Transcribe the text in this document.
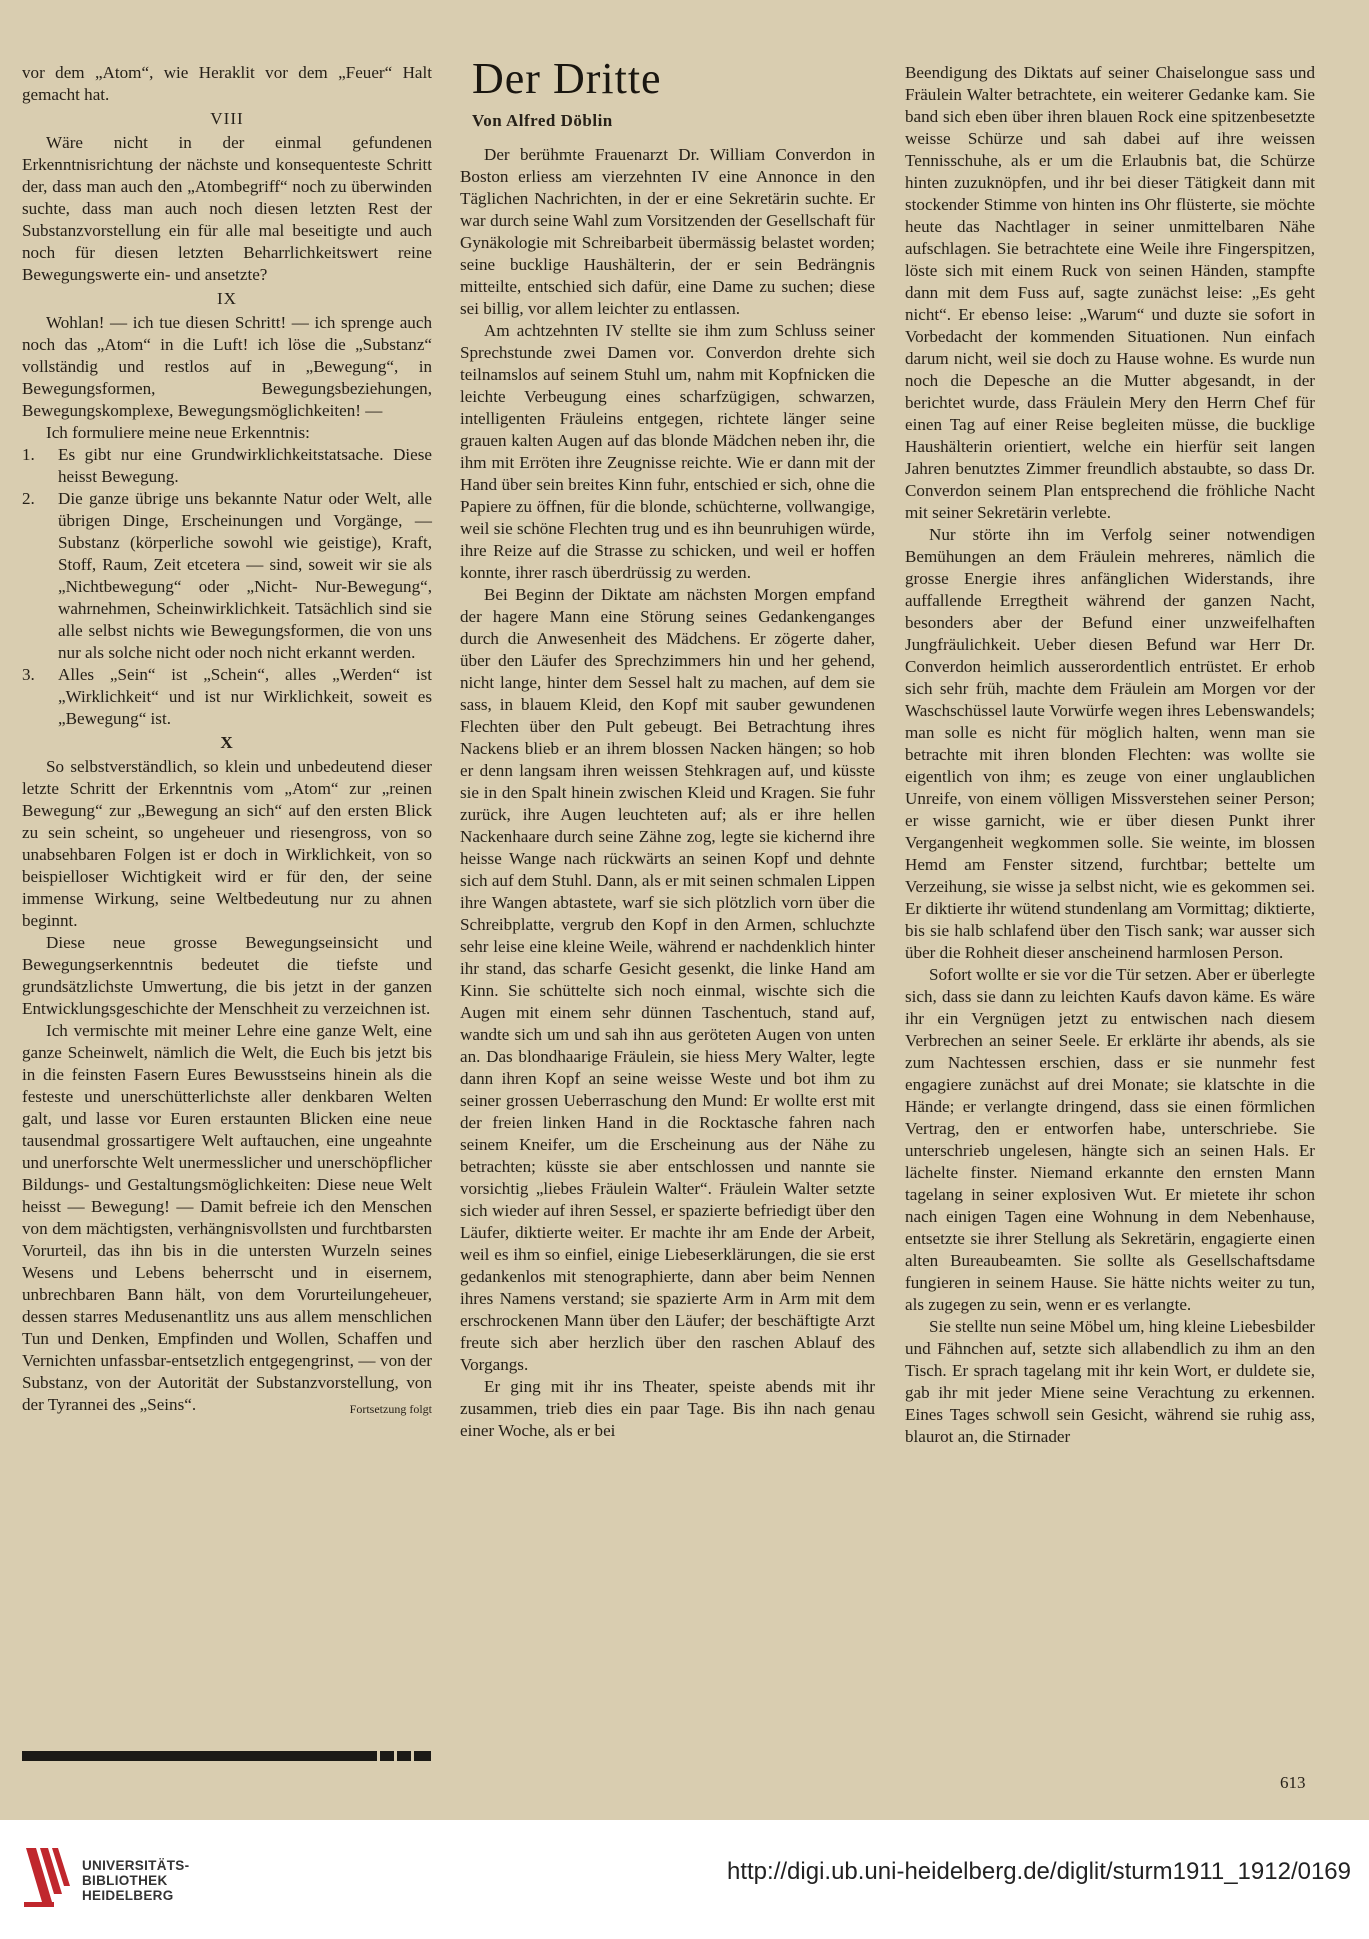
vor dem „Atom“, wie Heraklit vor dem „Feuer“ Halt gemacht hat.

VIII

Wäre nicht in der einmal gefundenen Erkenntnisrichtung der nächste und konsequenteste Schritt der, dass man auch den „Atombegriff“ noch zu überwinden suchte, dass man auch noch diesen letzten Rest der Substanzvorstellung ein für alle mal beseitigte und auch noch für diesen letzten Beharrlichkeitswert reine Bewegungswerte ein- und ansetzte?

IX

Wohlan! — ich tue diesen Schritt! — ich sprenge auch noch das „Atom“ in die Luft! ich löse die „Substanz“ vollständig und restlos auf in „Bewegung“, in Bewegungsformen, Bewegungsbeziehungen, Bewegungskomplexe, Bewegungsmöglichkeiten! —

Ich formuliere meine neue Erkenntnis:

1. Es gibt nur eine Grundwirklichkeitstatsache. Diese heisst Bewegung.
2. Die ganze übrige uns bekannte Natur oder Welt, alle übrigen Dinge, Erscheinungen und Vorgänge, — Substanz (körperliche sowohl wie geistige), Kraft, Stoff, Raum, Zeit etcetera — sind, soweit wir sie als „Nichtbewegung“ oder „Nicht- Nur-Bewegung“, wahrnehmen, Scheinwirklichkeit. Tatsächlich sind sie alle selbst nichts wie Bewegungsformen, die von uns nur als solche nicht oder noch nicht erkannt werden.
3. Alles „Sein“ ist „Schein“, alles „Werden“ ist „Wirklichkeit“ und ist nur Wirklichkeit, soweit es „Bewegung“ ist.

X

So selbstverständlich, so klein und unbedeutend dieser letzte Schritt der Erkenntnis vom „Atom“ zur „reinen Bewegung“ zur „Bewegung an sich“ auf den ersten Blick zu sein scheint, so ungeheuer und riesengross, von so unabsehbaren Folgen ist er doch in Wirklichkeit, von so beispielloser Wichtigkeit wird er für den, der seine immense Wirkung, seine Weltbedeutung nur zu ahnen beginnt.

Diese neue grosse Bewegungseinsicht und Bewegungserkenntnis bedeutet die tiefste und grundsätzlichste Umwertung, die bis jetzt in der ganzen Entwicklungsgeschichte der Menschheit zu verzeichnen ist.

Ich vermischte mit meiner Lehre eine ganze Welt, eine ganze Scheinwelt, nämlich die Welt, die Euch bis jetzt bis in die feinsten Fasern Eures Bewusstseins hinein als die festeste und unerschütterlichste aller denkbaren Welten galt, und lasse vor Euren erstaunten Blicken eine neue tausendmal grossartigere Welt auftauchen, eine ungeahnte und unerforschte Welt unermesslicher und unerschöpflicher Bildungs- und Gestaltungsmöglichkeiten: Diese neue Welt heisst — Bewegung! — Damit befreie ich den Menschen von dem mächtigsten, verhängnisvollsten und furchtbarsten Vorurteil, das ihn bis in die untersten Wurzeln seines Wesens und Lebens beherrscht und in eisernem, unbrechbaren Bann hält, von dem Vorurteilungeheuer, dessen starres Medusenantlitz uns aus allem menschlichen Tun und Denken, Empfinden und Wollen, Schaffen und Vernichten unfassbar-entsetzlich entgegengrinst, — von der Substanz, von der Autorität der Substanzvorstellung, von der Tyrannei des „Seins“.	Fortsetzung folgt
Der Dritte
Von Alfred Döblin

Der berühmte Frauenarzt Dr. William Converdon in Boston erliess am vierzehnten IV eine Annonce in den Täglichen Nachrichten, in der er eine Sekretärin suchte. Er war durch seine Wahl zum Vorsitzenden der Gesellschaft für Gynäkologie mit Schreibarbeit übermässig belastet worden; seine bucklige Haushälterin, der er sein Bedrängnis mitteilte, entschied sich dafür, eine Dame zu suchen; diese sei billig, vor allem leichter zu entlassen.

Am achtzehnten IV stellte sie ihm zum Schluss seiner Sprechstunde zwei Damen vor. Converdon drehte sich teilnamslos auf seinem Stuhl um, nahm mit Kopfnicken die leichte Verbeugung eines scharfzügigen, schwarzen, intelligenten Fräuleins entgegen, richtete länger seine grauen kalten Augen auf das blonde Mädchen neben ihr, die ihm mit Erröten ihre Zeugnisse reichte. Wie er dann mit der Hand über sein breites Kinn fuhr, entschied er sich, ohne die Papiere zu öffnen, für die blonde, schüchterne, vollwangige, weil sie schöne Flechten trug und es ihn beunruhigen würde, ihre Reize auf die Strasse zu schicken, und weil er hoffen konnte, ihrer rasch überdrüssig zu werden.

Bei Beginn der Diktate am nächsten Morgen empfand der hagere Mann eine Störung seines Gedankenganges durch die Anwesenheit des Mädchens. Er zögerte daher, über den Läufer des Sprechzimmers hin und her gehend, nicht lange, hinter dem Sessel halt zu machen, auf dem sie sass, in blauem Kleid, den Kopf mit sauber gewundenen Flechten über den Pult gebeugt. Bei Betrachtung ihres Nackens blieb er an ihrem blossen Nacken hängen; so hob er denn langsam ihren weissen Stehkragen auf, und küsste sie in den Spalt hinein zwischen Kleid und Kragen. Sie fuhr zurück, ihre Augen leuchteten auf; als er ihre hellen Nackenhaare durch seine Zähne zog, legte sie kichernd ihre heisse Wange nach rückwärts an seinen Kopf und dehnte sich auf dem Stuhl. Dann, als er mit seinen schmalen Lippen ihre Wangen abtastete, warf sie sich plötzlich vorn über die Schreibplatte, vergrub den Kopf in den Armen, schluchzte sehr leise eine kleine Weile, während er nachdenklich hinter ihr stand, das scharfe Gesicht gesenkt, die linke Hand am Kinn. Sie schüttelte sich noch einmal, wischte sich die Augen mit einem sehr dünnen Taschentuch, stand auf, wandte sich um und sah ihn aus geröteten Augen von unten an. Das blondhaarige Fräulein, sie hiess Mery Walter, legte dann ihren Kopf an seine weisse Weste und bot ihm zu seiner grossen Ueberraschung den Mund: Er wollte erst mit der freien linken Hand in die Rocktasche fahren nach seinem Kneifer, um die Erscheinung aus der Nähe zu betrachten; küsste sie aber entschlossen und nannte sie vorsichtig „liebes Fräulein Walter“. Fräulein Walter setzte sich wieder auf ihren Sessel, er spazierte befriedigt über den Läufer, diktierte weiter. Er machte ihr am Ende der Arbeit, weil es ihm so einfiel, einige Liebeserklärungen, die sie erst gedankenlos mit stenographierte, dann aber beim Nennen ihres Namens verstand; sie spazierte Arm in Arm mit dem erschrockenen Mann über den Läufer; der beschäftigte Arzt freute sich aber herzlich über den raschen Ablauf des Vorgangs.

Er ging mit ihr ins Theater, speiste abends mit ihr zusammen, trieb dies ein paar Tage. Bis ihn nach genau einer Woche, als er bei

Beendigung des Diktats auf seiner Chaiselongue sass und Fräulein Walter betrachtete, ein weiterer Gedanke kam. Sie band sich eben über ihren blauen Rock eine spitzenbesetzte weisse Schürze und sah dabei auf ihre weissen Tennisschuhe, als er um die Erlaubnis bat, die Schürze hinten zuzuknöpfen, und ihr bei dieser Tätigkeit dann mit stockender Stimme von hinten ins Ohr flüsterte, sie möchte heute das Nachtlager in seiner unmittelbaren Nähe aufschlagen. Sie betrachtete eine Weile ihre Fingerspitzen, löste sich mit einem Ruck von seinen Händen, stampfte dann mit dem Fuss auf, sagte zunächst leise: „Es geht nicht“. Er ebenso leise: „Warum“ und duzte sie sofort in Vorbedacht der kommenden Situationen. Nun einfach darum nicht, weil sie doch zu Hause wohne. Es wurde nun noch die Depesche an die Mutter abgesandt, in der berichtet wurde, dass Fräulein Mery den Herrn Chef für einen Tag auf einer Reise begleiten müsse, die bucklige Haushälterin orientiert, welche ein hierfür seit langen Jahren benutztes Zimmer freundlich abstaubte, so dass Dr. Converdon seinem Plan entsprechend die fröhliche Nacht mit seiner Sekretärin verlebte.

Nur störte ihn im Verfolg seiner notwendigen Bemühungen an dem Fräulein mehreres, nämlich die grosse Energie ihres anfänglichen Widerstands, ihre auffallende Erregtheit während der ganzen Nacht, besonders aber der Befund einer unzweifelhaften Jungfräulichkeit. Ueber diesen Befund war Herr Dr. Converdon heimlich ausserordentlich entrüstet. Er erhob sich sehr früh, machte dem Fräulein am Morgen vor der Waschschüssel laute Vorwürfe wegen ihres Lebenswandels; man solle es nicht für möglich halten, wenn man sie betrachte mit ihren blonden Flechten: was wollte sie eigentlich von ihm; es zeuge von einer unglaublichen Unreife, von einem völligen Missverstehen seiner Person; er wisse garnicht, wie er über diesen Punkt ihrer Vergangenheit wegkommen solle. Sie weinte, im blossen Hemd am Fenster sitzend, furchtbar; bettelte um Verzeihung, sie wisse ja selbst nicht, wie es gekommen sei. Er diktierte ihr wütend stundenlang am Vormittag; diktierte, bis sie halb schlafend über den Tisch sank; war ausser sich über die Rohheit dieser anscheinend harmlosen Person.

Sofort wollte er sie vor die Tür setzen. Aber er überlegte sich, dass sie dann zu leichten Kaufs davon käme. Es wäre ihr ein Vergnügen jetzt zu entwischen nach diesem Verbrechen an seiner Seele. Er erklärte ihr abends, als sie zum Nachtessen erschien, dass er sie nunmehr fest engagiere zunächst auf drei Monate; sie klatschte in die Hände; er verlangte dringend, dass sie einen förmlichen Vertrag, den er entworfen habe, unterschriebe. Sie unterschrieb ungelesen, hängte sich an seinen Hals. Er lächelte finster. Niemand erkannte den ernsten Mann tagelang in seiner explosiven Wut. Er mietete ihr schon nach einigen Tagen eine Wohnung in dem Nebenhause, entsetzte sie ihrer Stellung als Sekretärin, engagierte einen alten Bureaubeamten. Sie sollte als Gesellschaftsdame fungieren in seinem Hause. Sie hätte nichts weiter zu tun, als zugegen zu sein, wenn er es verlangte.

Sie stellte nun seine Möbel um, hing kleine Liebesbilder und Fähnchen auf, setzte sich allabendlich zu ihm an den Tisch. Er sprach tagelang mit ihr kein Wort, er duldete sie, gab ihr mit jeder Miene seine Verachtung zu erkennen. Eines Tages schwoll sein Gesicht, während sie ruhig ass, blaurot an, die Stirnader

613
UNIVERSITÄTS-
BIBLIOTHEK
HEIDELBERG
http://digi.ub.uni-heidelberg.de/diglit/sturm1911_1912/0169
